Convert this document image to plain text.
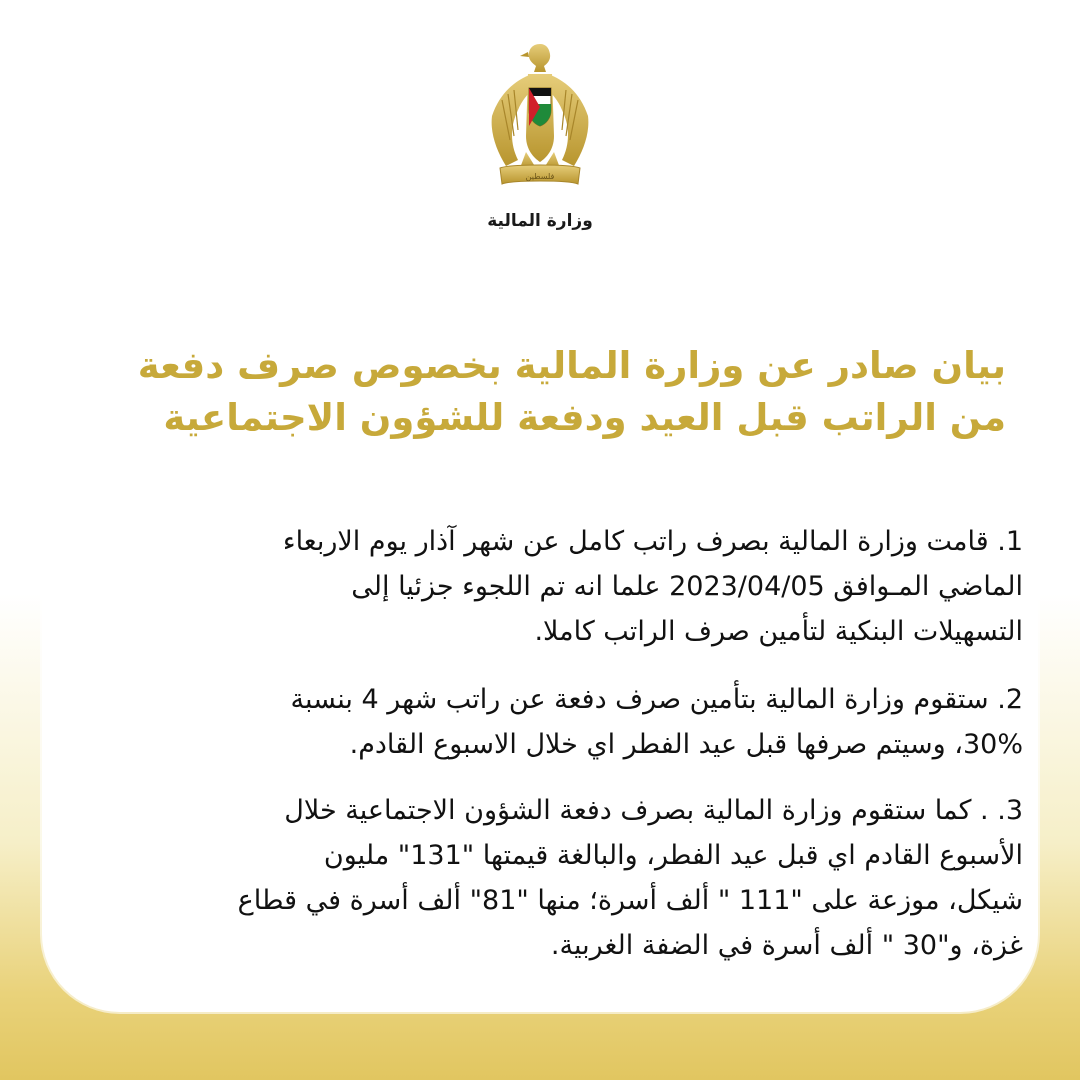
فلسطين
وزارة المالية
بيان صادر عن وزارة المالية بخصوص صرف دفعة
من الراتب قبل العيد ودفعة للشؤون الاجتماعية
1. قامت وزارة المالية بصرف راتب كامل عن شهر آذار يوم الاربعاء
الماضي المـوافق 2023/04/05 علما انه تم اللجوء جزئيا إلى
التسهيلات البنكية لتأمين صرف الراتب كاملا.
2. ستقوم وزارة المالية بتأمين صرف دفعة عن راتب شهر 4 بنسبة
30%، وسيتم صرفها قبل عيد الفطر اي خلال الاسبوع القادم.
3. . كما ستقوم وزارة المالية بصرف دفعة الشؤون الاجتماعية خلال
الأسبوع القادم اي قبل عيد الفطر، والبالغة قيمتها "131" مليون
شيكل، موزعة على "111 " ألف أسرة؛ منها "81" ألف أسرة في قطاع
غزة، و"30 " ألف أسرة في الضفة الغربية.
